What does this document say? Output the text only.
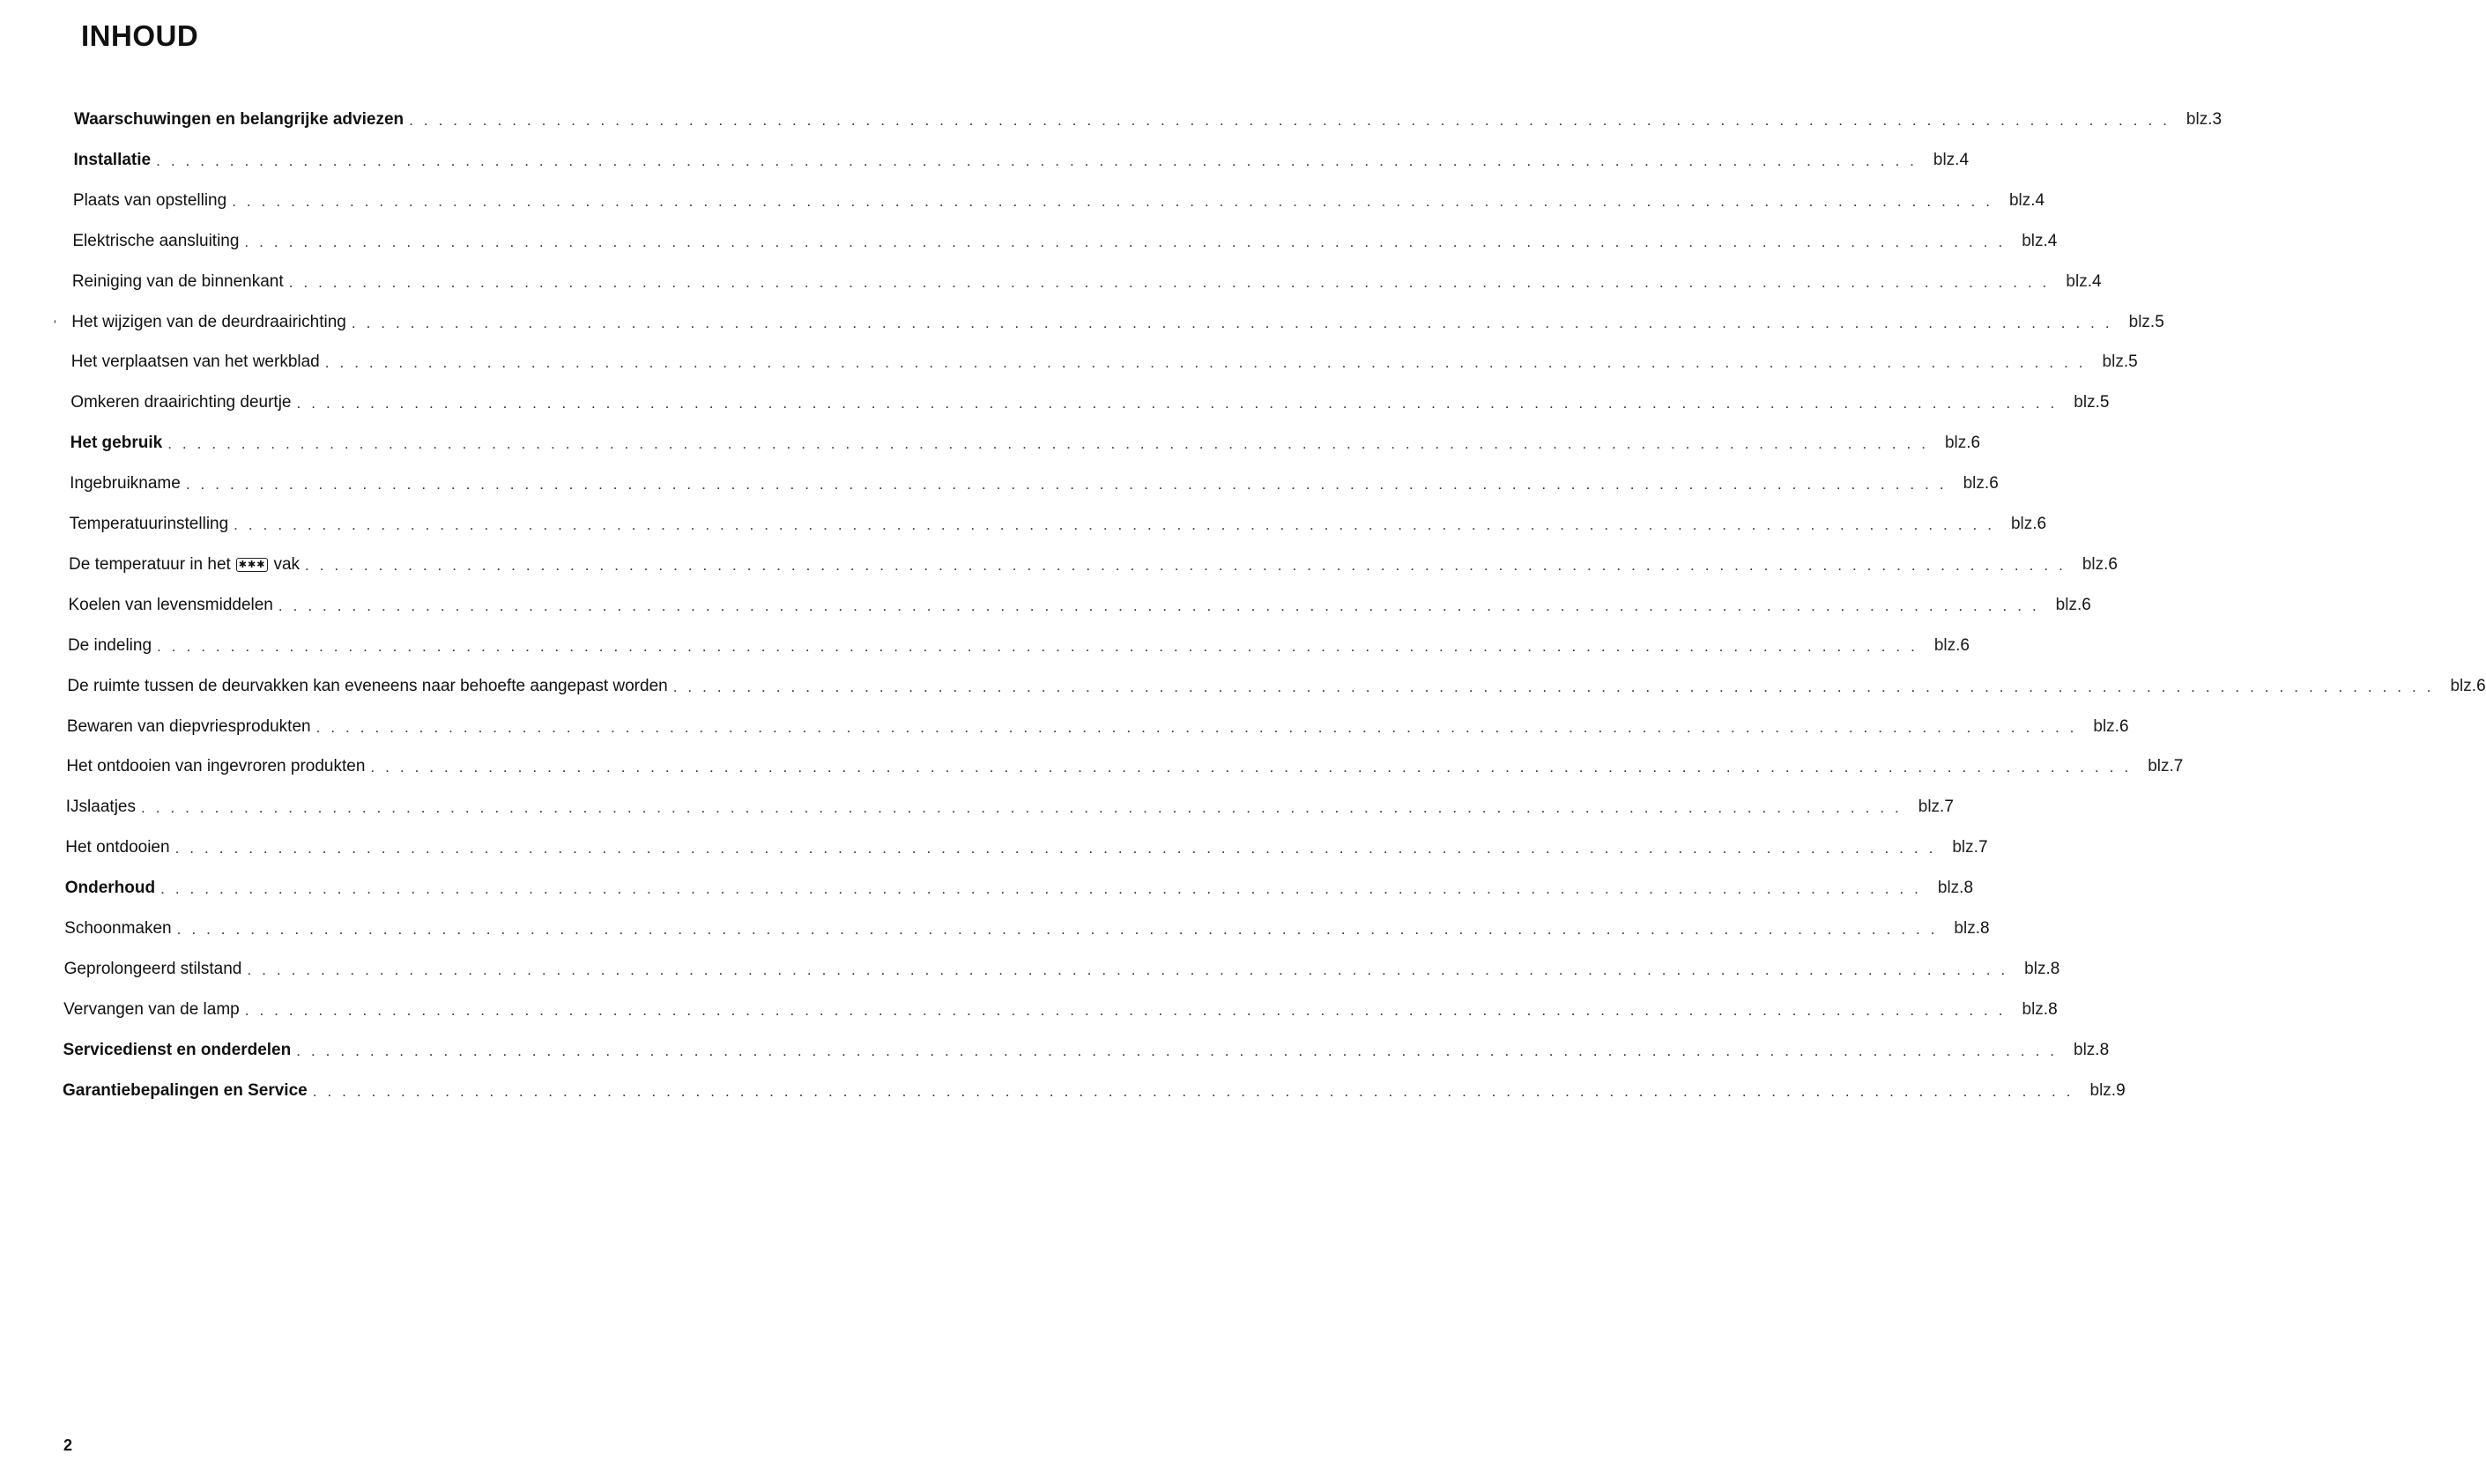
INHOUD
Waarschuwingen en belangrijke adviezen ........................................................................................................................ blz. 3
Installatie ........................................................................................................................ blz. 4
Plaats van opstelling ........................................................................................................................ blz. 4
Elektrische aansluiting ........................................................................................................................ blz. 4
Reiniging van de binnenkant ........................................................................................................................ blz. 4
Het wijzigen van de deurdraairichting ........................................................................................................................ blz. 5
Het verplaatsen van het werkblad ........................................................................................................................ blz. 5
Omkeren draairichting deurtje ........................................................................................................................ blz. 5
Het gebruik ........................................................................................................................ blz. 6
Ingebruikname ........................................................................................................................ blz. 6
Temperatuurinstelling ........................................................................................................................ blz. 6
De temperatuur in het ✱✱✱ vak ........................................................................................................................ blz. 6
Koelen van levensmiddelen ........................................................................................................................ blz. 6
De indeling ........................................................................................................................ blz. 6
De ruimte tussen de deurvakken kan eveneens naar behoefte aangepast worden ........................................................................................................................ blz. 6
Bewaren van diepvriesprodukten ........................................................................................................................ blz. 6
Het ontdooien van ingevroren produkten ........................................................................................................................ blz. 7
IJslaatjes ........................................................................................................................ blz. 7
Het ontdooien ........................................................................................................................ blz. 7
Onderhoud ........................................................................................................................ blz. 8
Schoonmaken ........................................................................................................................ blz. 8
Geprolongeerd stilstand ........................................................................................................................ blz. 8
Vervangen van de lamp ........................................................................................................................ blz. 8
Servicedienst en onderdelen ........................................................................................................................ blz. 8
Garantiebepalingen en Service ........................................................................................................................ blz. 9
'
2
